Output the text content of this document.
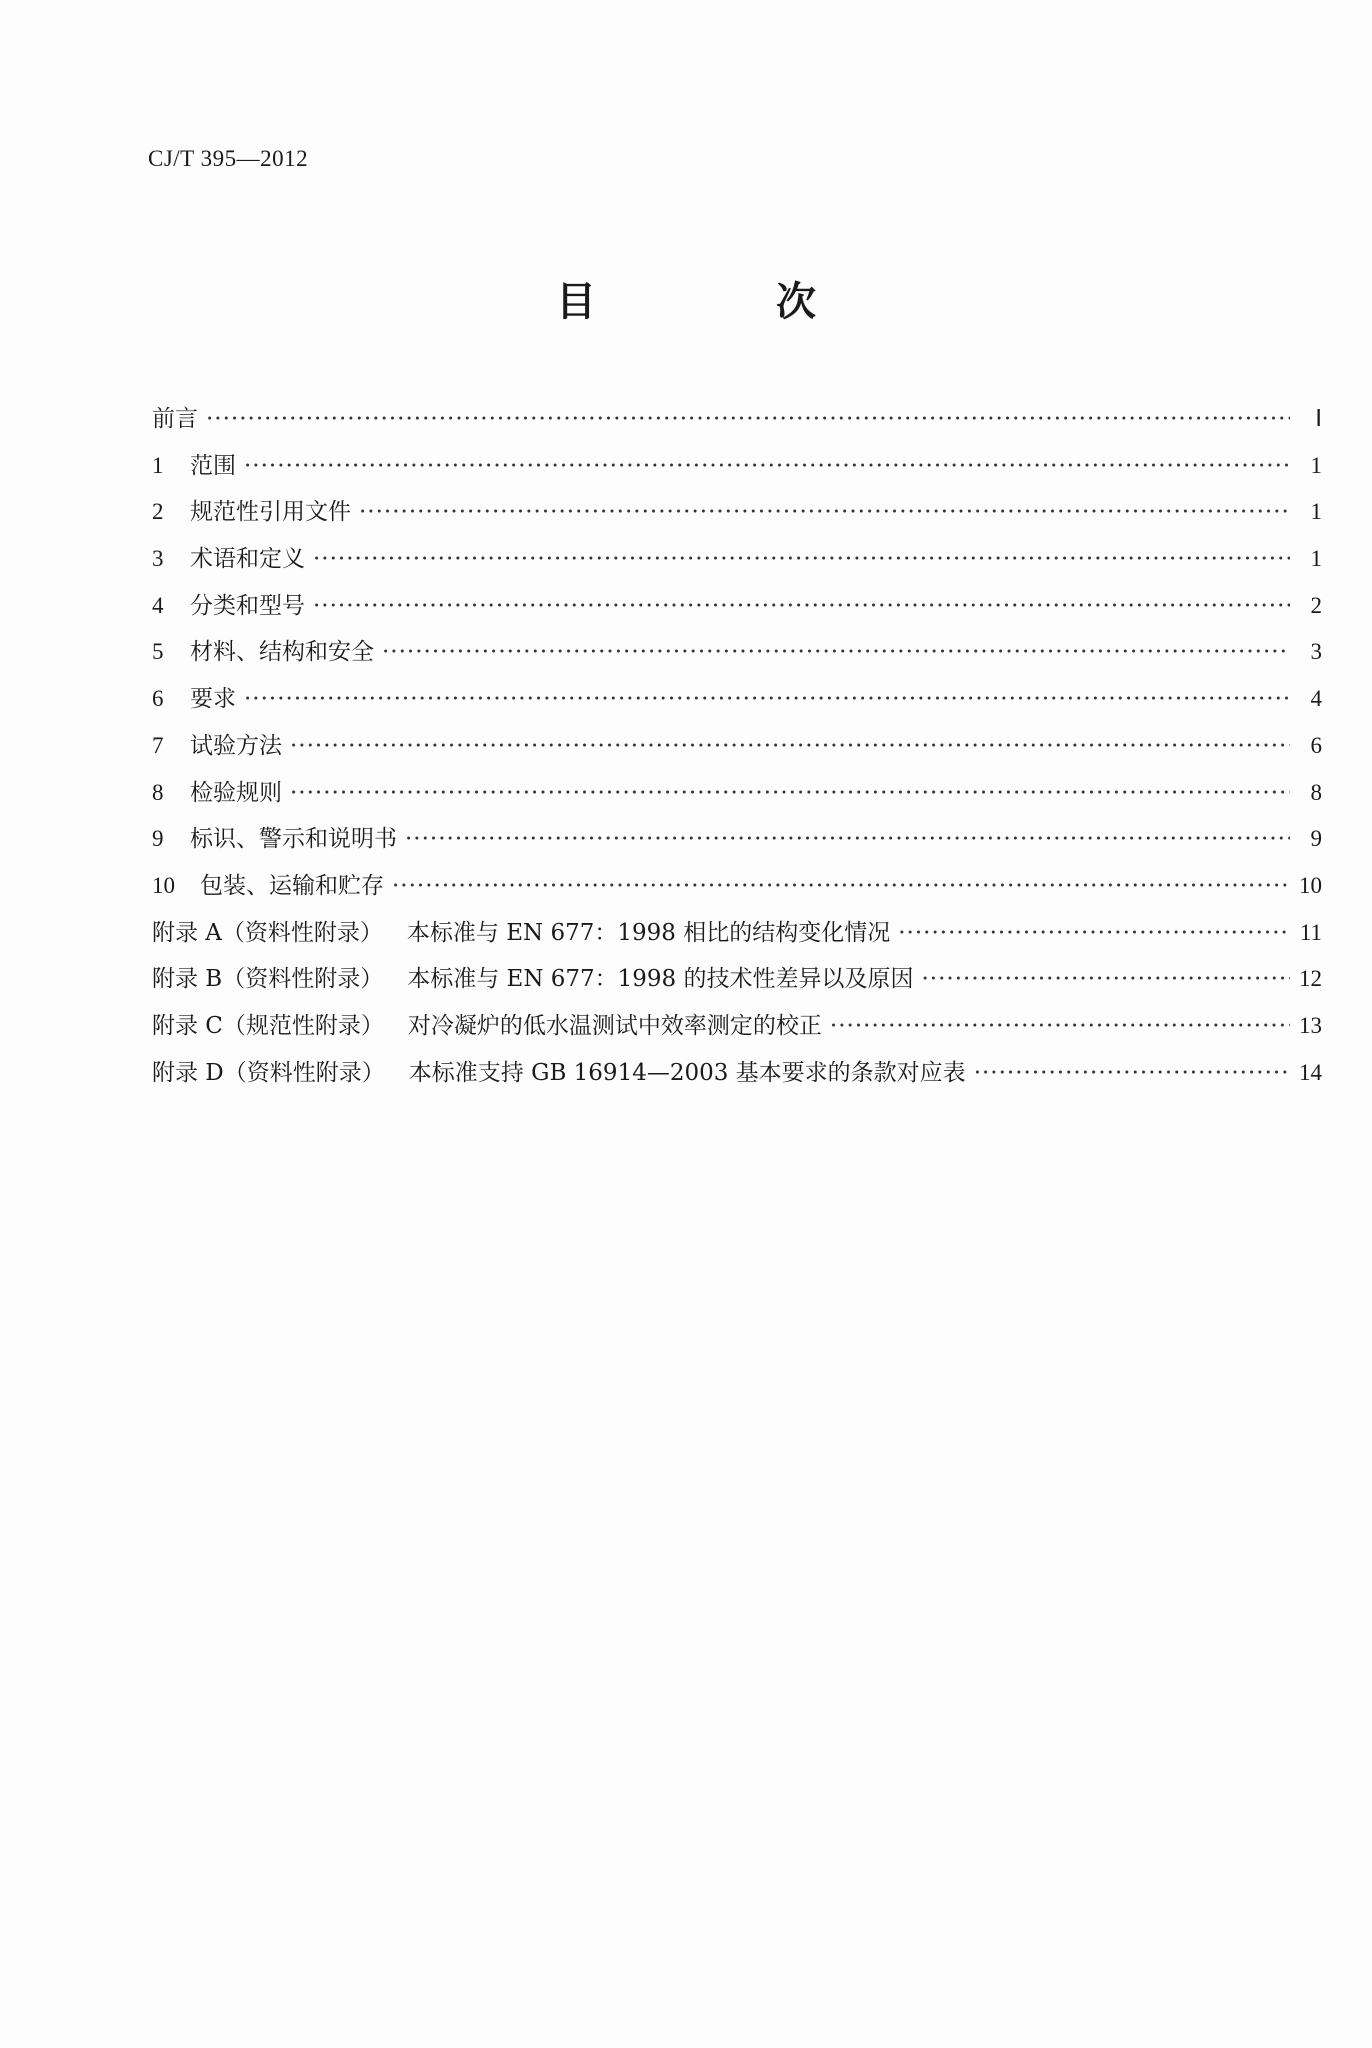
CJ/T 395—2012
目　次
前言 ·····	Ⅰ
1	范围 ·····	1
2	规范性引用文件 ·····	1
3	术语和定义 ·····	1
4	分类和型号 ·····	2
5	材料、结构和安全 ·····	3
6	要求 ·····	4
7	试验方法 ·····	6
8	检验规则 ·····	8
9	标识、警示和说明书 ·····	9
10	包装、运输和贮存 ·····	10
附录 A（资料性附录） 本标准与 EN 677：1998 相比的结构变化情况 ·····	11
附录 B（资料性附录） 本标准与 EN 677：1998 的技术性差异以及原因 ·····	12
附录 C（规范性附录） 对冷凝炉的低水温测试中效率测定的校正 ·····	13
附录 D（资料性附录） 本标准支持 GB 16914—2003 基本要求的条款对应表 ·····	14
